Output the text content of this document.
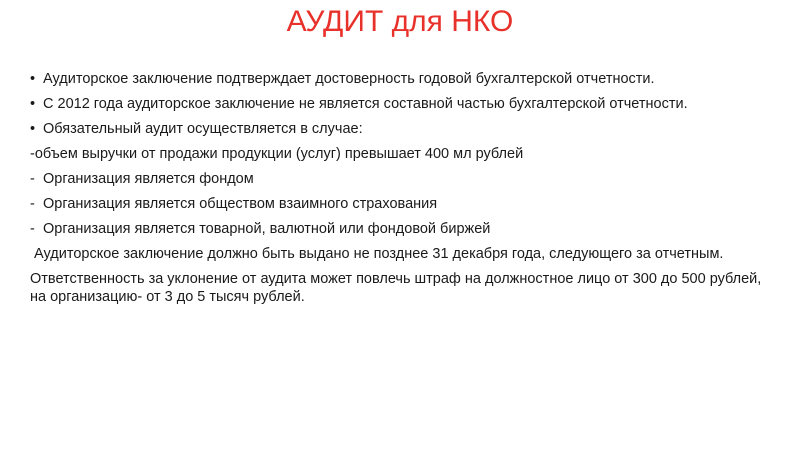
АУДИТ для НКО
• Аудиторское заключение подтверждает достоверность годовой бухгалтерской отчетности.
• С 2012 года аудиторское заключение не является составной частью бухгалтерской отчетности.
• Обязательный аудит осуществляется в случае:
-объем выручки от продажи продукции (услуг) превышает 400 мл рублей
- Организация является фондом
- Организация является обществом взаимного страхования
- Организация является товарной, валютной или фондовой биржей
Аудиторское заключение должно быть выдано не позднее 31 декабря года, следующего за отчетным.
Ответственность за уклонение от аудита может повлечь штраф на должностное лицо от 300 до 500 рублей, на организацию- от 3 до 5 тысяч рублей.
